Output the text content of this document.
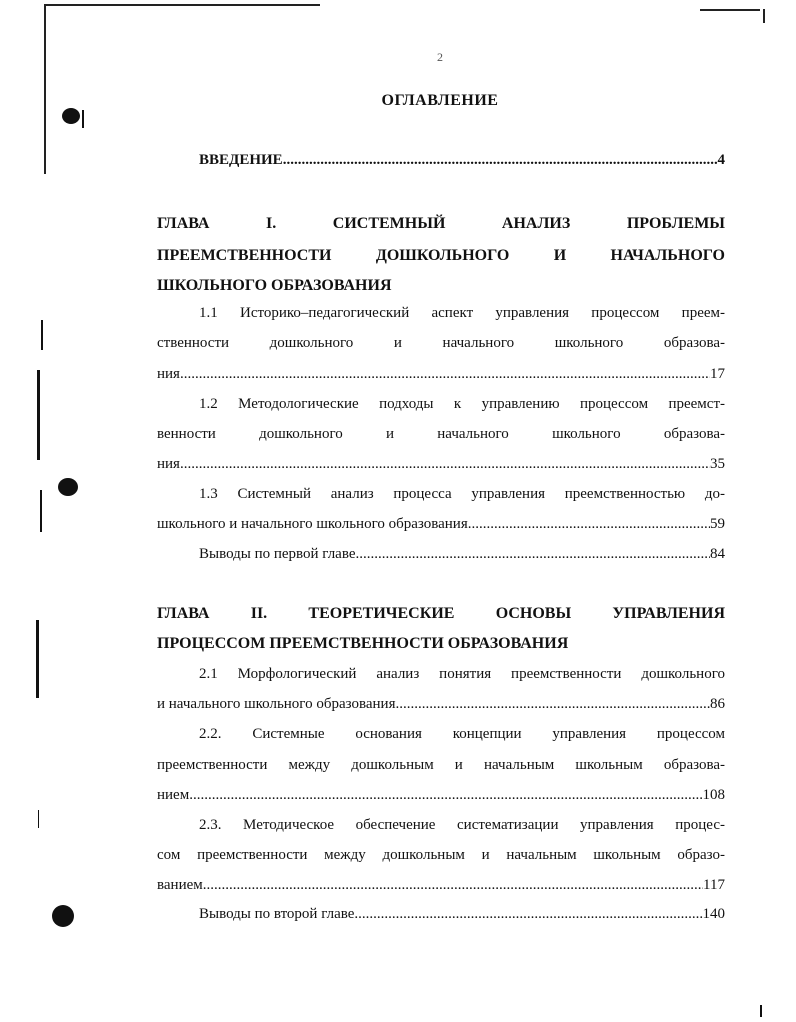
2
ОГЛАВЛЕНИЕ
ВВЕДЕНИЕ .....	4
ГЛАВА I. СИСТЕМНЫЙ АНАЛИЗ ПРОБЛЕМЫ
ПРЕЕМСТВЕННОСТИ ДОШКОЛЬНОГО И НАЧАЛЬНОГО
ШКОЛЬНОГО ОБРАЗОВАНИЯ
1.1 Историко–педагогический аспект управления процессом преем-
ственности дошкольного и начального школьного образова-
ния .....	17
1.2 Методологические подходы к управлению процессом преемст-
венности дошкольного и начального школьного образова-
ния .....	35
1.3 Системный анализ процесса управления преемственностью до-
школьного и начального школьного образования .....	59
Выводы по первой главе .....	84
ГЛАВА II. ТЕОРЕТИЧЕСКИЕ ОСНОВЫ УПРАВЛЕНИЯ
ПРОЦЕССОМ ПРЕЕМСТВЕННОСТИ ОБРАЗОВАНИЯ
2.1 Морфологический анализ понятия преемственности дошкольного
и начального школьного образования .....	86
2.2. Системные основания концепции управления процессом
преемственности между дошкольным и начальным школьным образова-
нием .....	108
2.3. Методическое обеспечение систематизации управления процес-
сом преемственности между дошкольным и начальным школьным образо-
ванием .....	117
Выводы по второй главе .....	140
